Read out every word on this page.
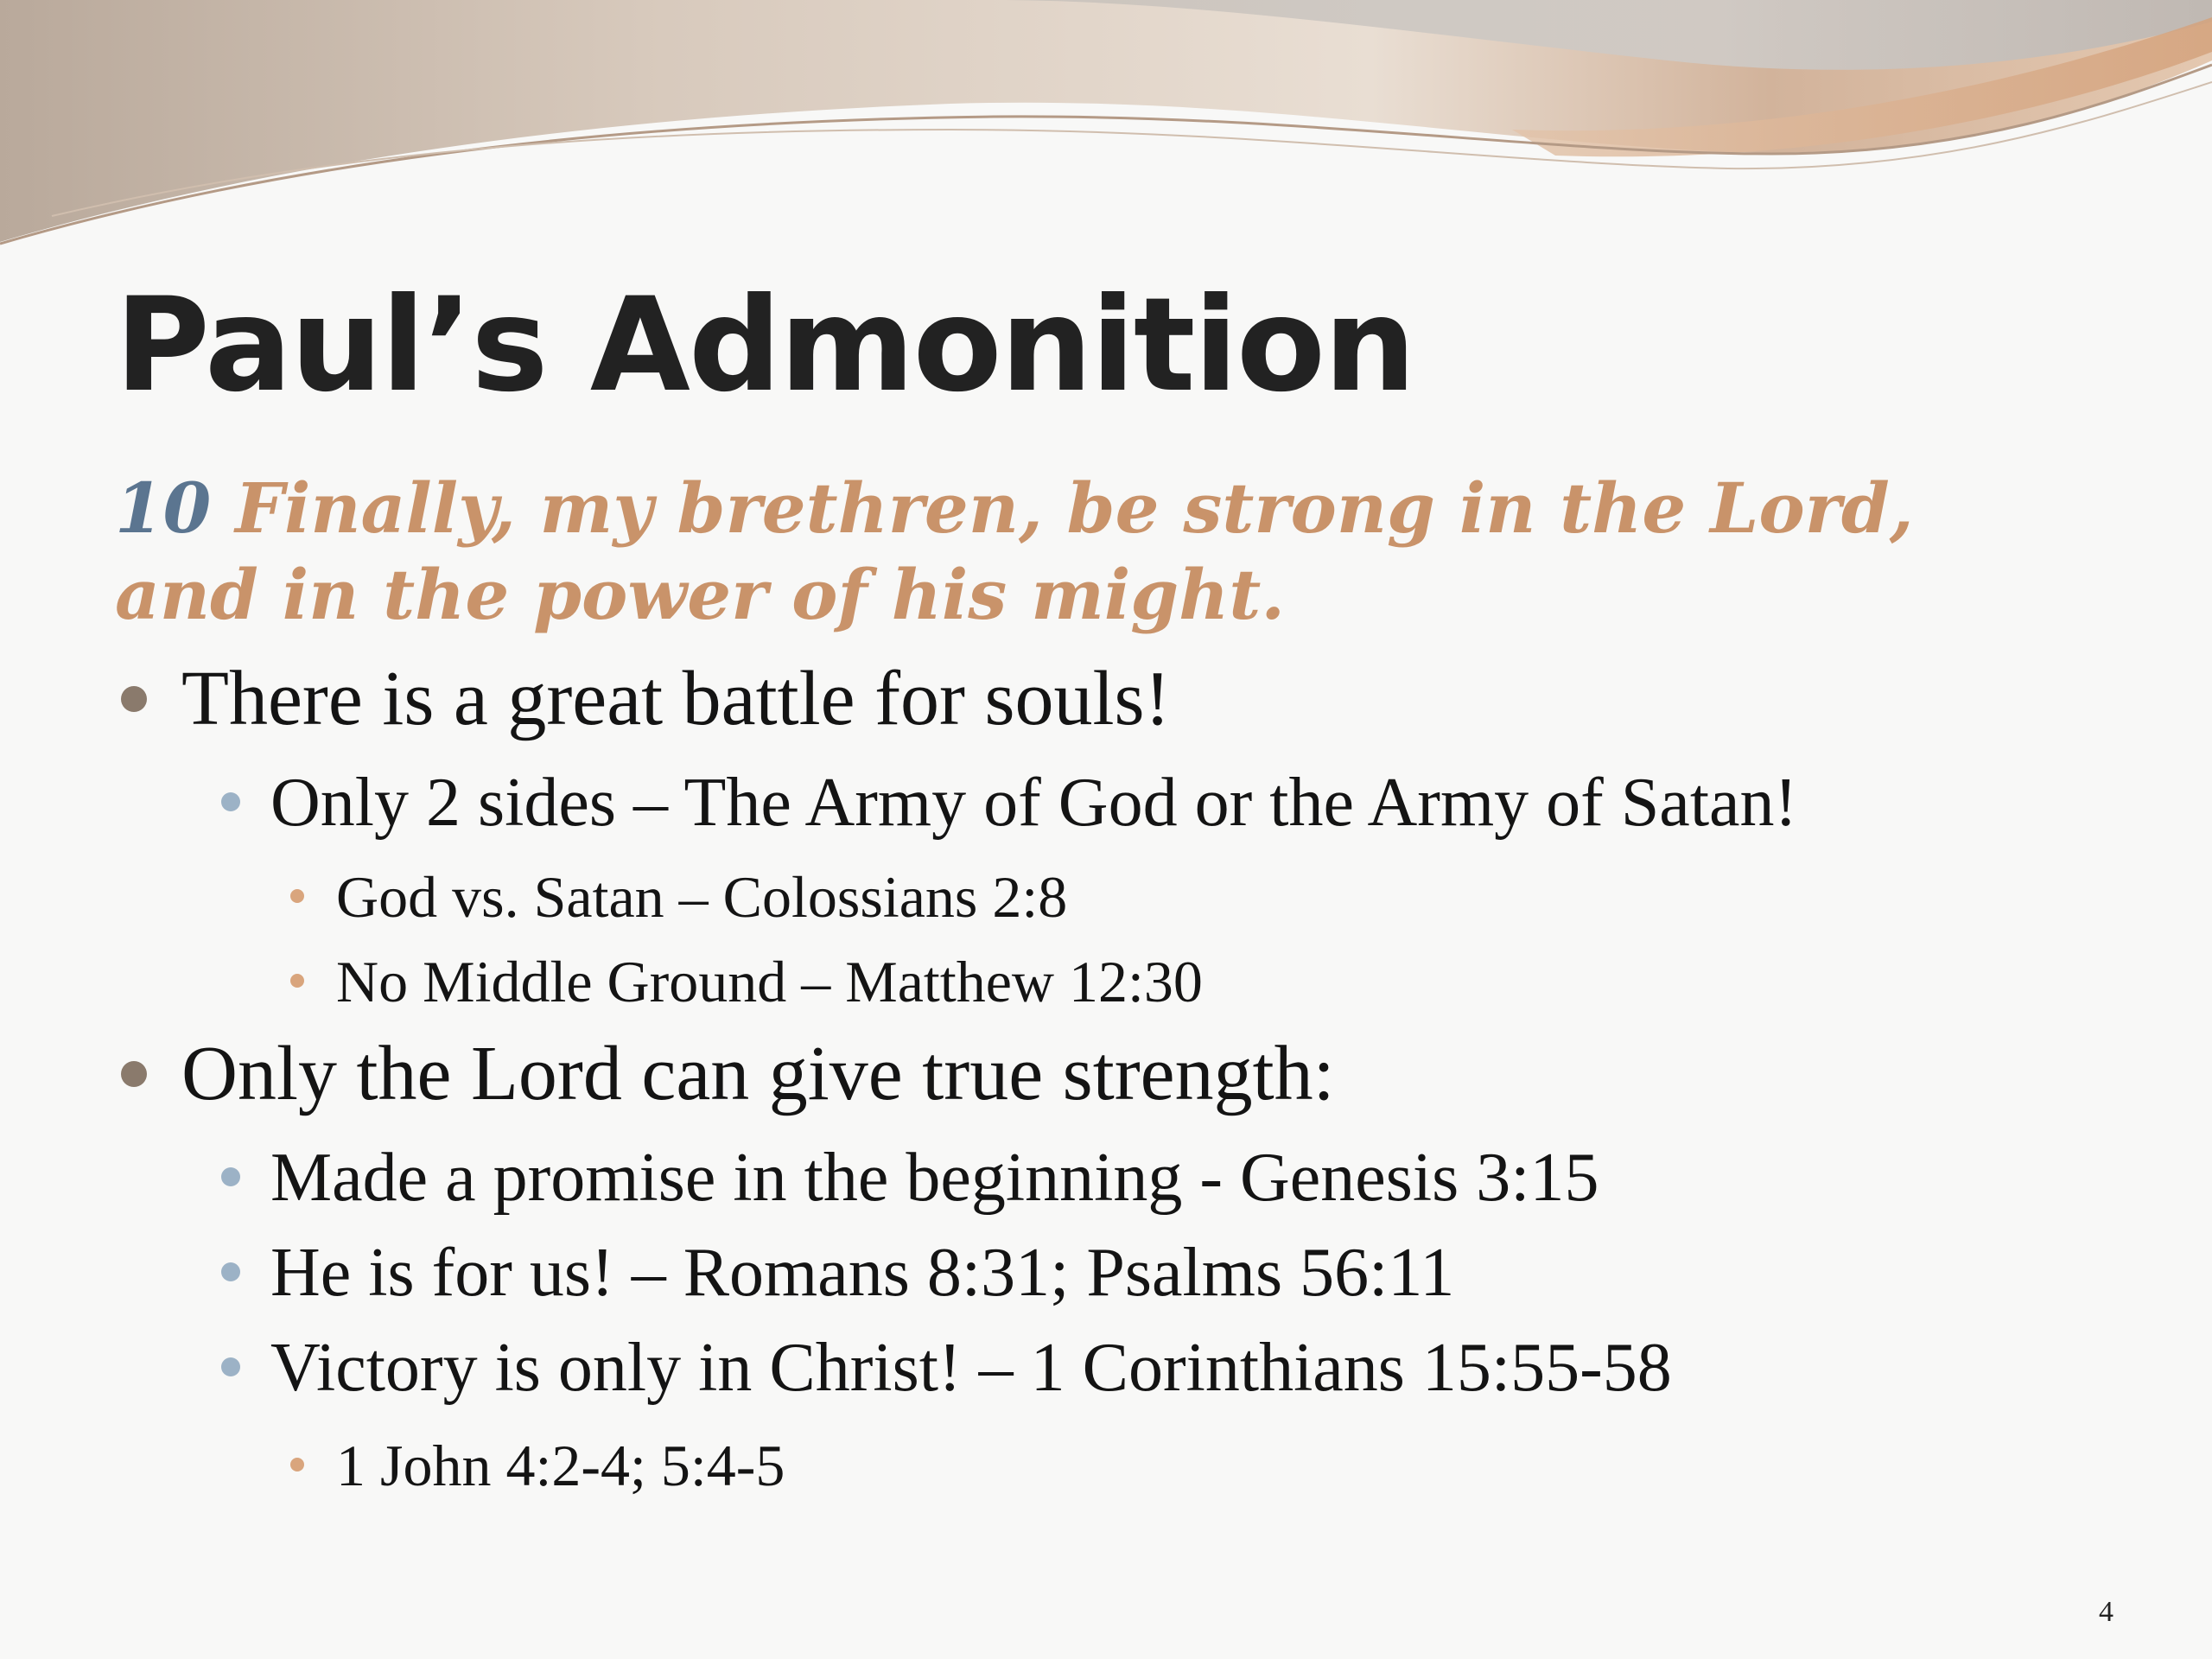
Paul’s Admonition

10 Finally, my brethren, be strong in the Lord, and in the power of his might.

There is a great battle for souls!
Only 2 sides – The Army of God or the Army of Satan!
God vs. Satan – Colossians 2:8
No Middle Ground – Matthew 12:30
Only the Lord can give true strength:
Made a promise in the beginning - Genesis 3:15
He is for us! – Romans 8:31; Psalms 56:11
Victory is only in Christ! – 1 Corinthians 15:55-58
1 John 4:2-4; 5:4-5
4
